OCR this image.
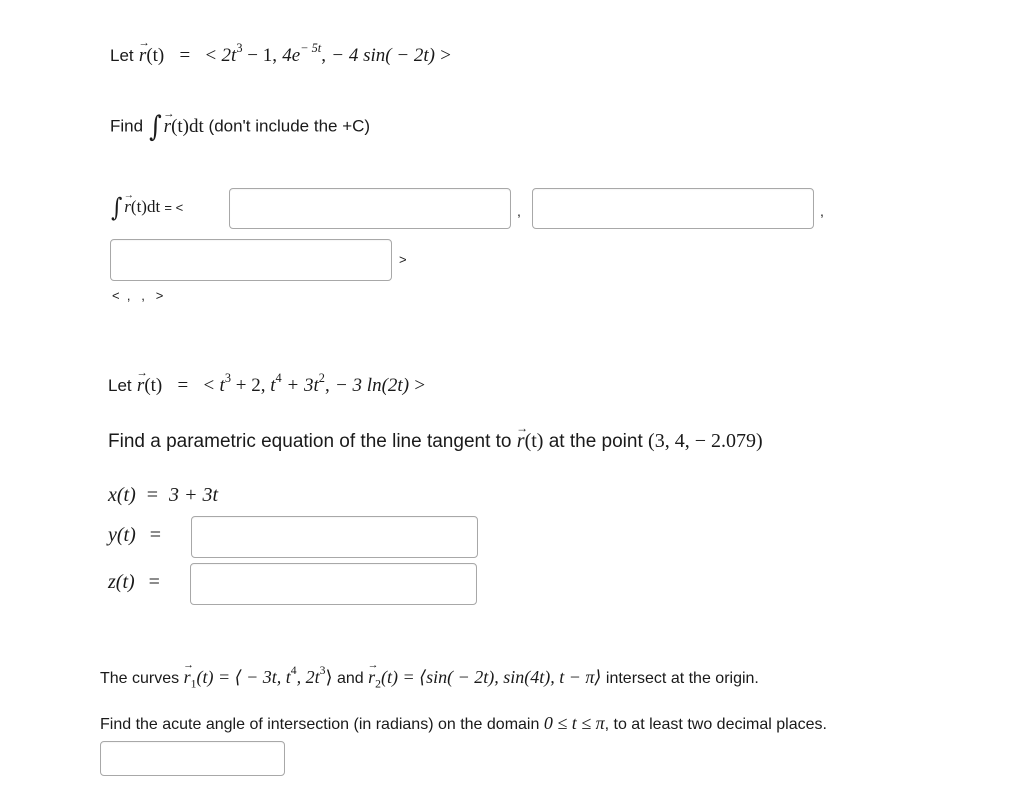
Let r →(t) = < $2t^3 - 1$, $4e^{- 5t}$, − 4 sin( − 2t) >
Find ∫ r →(t)dt (don't include the +C)
∫ r →(t)dt = <	,	,
>
<  ,   ,   >
Let r →(t) = < $t^3 + 2$, $t^4 + 3t^2$, − 3 ln(2t) >
Find a parametric equation of the line tangent to r →(t) at the point (3, 4, − 2.079)
x(t) = 3 + 3t
y(t) =
z(t) =
The curves $r \to_1(t)$ = ⟨ − 3t, $t^4$, $2t^3⟩$ and $r \to_2(t)$ = ⟨sin( − 2t), sin(4t), t − π⟩ intersect at the origin.
Find the acute angle of intersection (in radians) on the domain 0 ≤ t ≤ π, to at least two decimal places.
